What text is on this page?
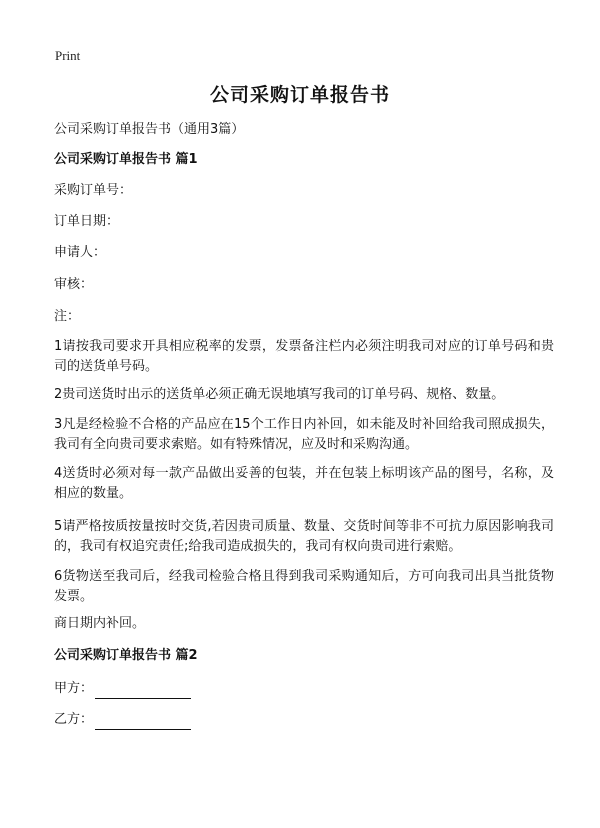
Print
公司采购订单报告书
公司采购订单报告书（通用3篇）
公司采购订单报告书 篇1
采购订单号：
订单日期：
申请人：
审核：
注：
1请按我司要求开具相应税率的发票，发票备注栏内必须注明我司对应的订单号码和贵司的送货单号码。
2贵司送货时出示的送货单必须正确无误地填写我司的订单号码、规格、数量。
3凡是经检验不合格的产品应在15个工作日内补回，如未能及时补回给我司照成损失，我司有全向贵司要求索赔。如有特殊情况，应及时和采购沟通。
4送货时必须对每一款产品做出妥善的包装，并在包装上标明该产品的图号，名称，及相应的数量。
5请严格按质按量按时交货,若因贵司质量、数量、交货时间等非不可抗力原因影响我司的，我司有权追究责任;给我司造成损失的，我司有权向贵司进行索赔。
6货物送至我司后，经我司检验合格且得到我司采购通知后，方可向我司出具当批货物发票。
商日期内补回。
公司采购订单报告书 篇2
甲方：
乙方：
